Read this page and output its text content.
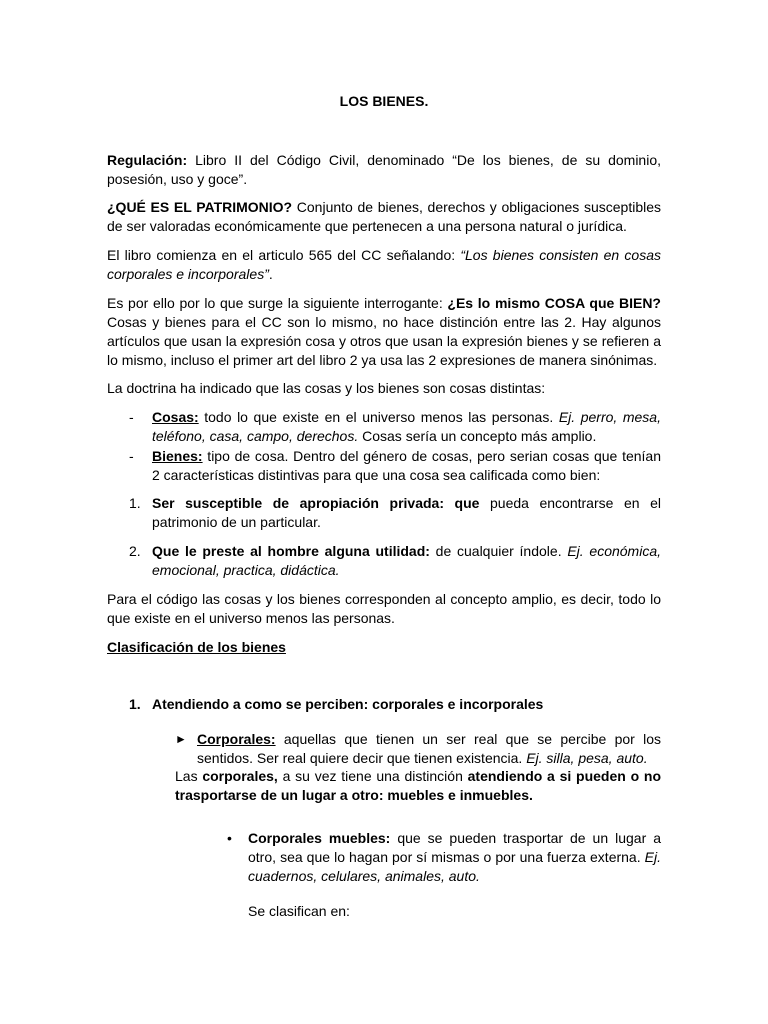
LOS BIENES.

Regulación: Libro II del Código Civil, denominado “De los bienes, de su dominio, posesión, uso y goce”.

¿QUÉ ES EL PATRIMONIO? Conjunto de bienes, derechos y obligaciones susceptibles de ser valoradas económicamente que pertenecen a una persona natural o jurídica.

El libro comienza en el articulo 565 del CC señalando: “Los bienes consisten en cosas corporales e incorporales”.

Es por ello por lo que surge la siguiente interrogante: ¿Es lo mismo COSA que BIEN? Cosas y bienes para el CC son lo mismo, no hace distinción entre las 2. Hay algunos artículos que usan la expresión cosa y otros que usan la expresión bienes y se refieren a lo mismo, incluso el primer art del libro 2 ya usa las 2 expresiones de manera sinónimas.

La doctrina ha indicado que las cosas y los bienes son cosas distintas:

- Cosas: todo lo que existe en el universo menos las personas. Ej. perro, mesa, teléfono, casa, campo, derechos. Cosas sería un concepto más amplio.

- Bienes: tipo de cosa. Dentro del género de cosas, pero serian cosas que tenían 2 características distintivas para que una cosa sea calificada como bien:

1. Ser susceptible de apropiación privada: que pueda encontrarse en el patrimonio de un particular.

2. Que le preste al hombre alguna utilidad: de cualquier índole. Ej. económica, emocional, practica, didáctica.

Para el código las cosas y los bienes corresponden al concepto amplio, es decir, todo lo que existe en el universo menos las personas.

Clasificación de los bienes

1. Atendiendo a como se perciben: corporales e incorporales
► Corporales: aquellas que tienen un ser real que se percibe por los sentidos. Ser real quiere decir que tienen existencia. Ej. silla, pesa, auto.

Las corporales, a su vez tiene una distinción atendiendo a si pueden o no trasportarse de un lugar a otro: muebles e inmuebles.

• Corporales muebles: que se pueden trasportar de un lugar a otro, sea que lo hagan por sí mismas o por una fuerza externa. Ej. cuadernos, celulares, animales, auto.

Se clasifican en:
